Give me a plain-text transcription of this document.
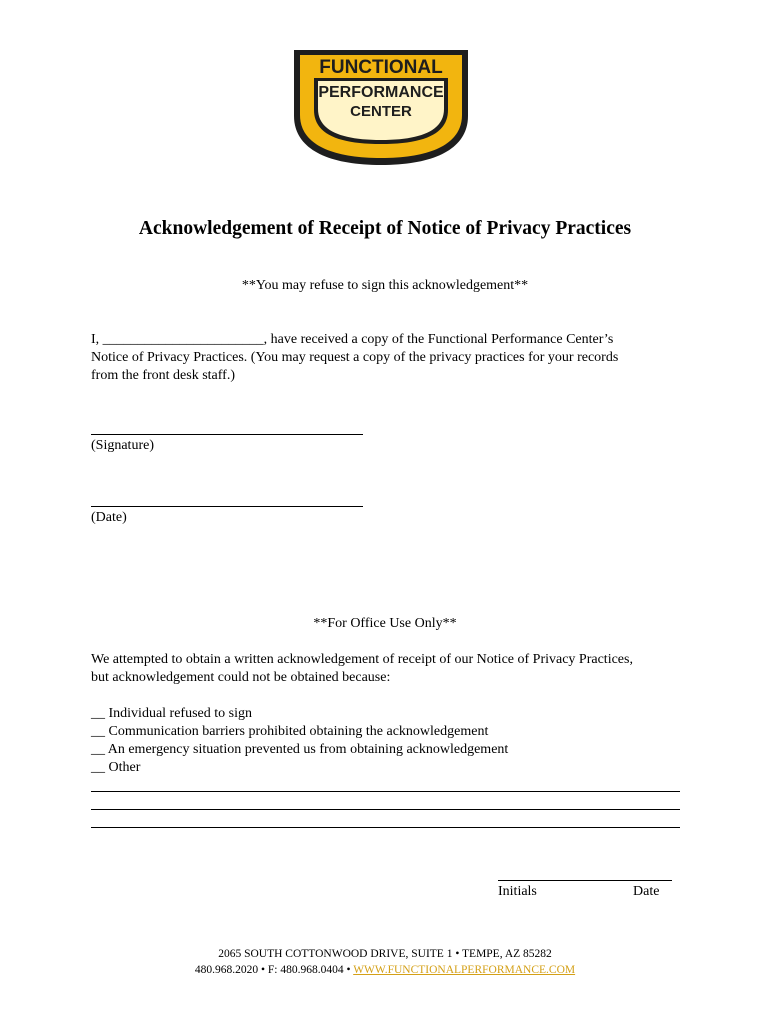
FUNCTIONAL
PERFORMANCE
CENTER
Acknowledgement of Receipt of Notice of Privacy Practices
**You may refuse to sign this acknowledgement**
I, _______________________, have received a copy of the Functional Performance Center’s
Notice of Privacy Practices. (You may request a copy of the privacy practices for your records
from the front desk staff.)
(Signature)
(Date)
**For Office Use Only**
We attempted to obtain a written acknowledgement of receipt of our Notice of Privacy Practices,
but acknowledgement could not be obtained because:
__ Individual refused to sign
__ Communication barriers prohibited obtaining the acknowledgement
__ An emergency situation prevented us from obtaining acknowledgement
__ Other
Initials	Date
2065 SOUTH COTTONWOOD DRIVE, SUITE 1 • TEMPE, AZ 85282
480.968.2020 • F: 480.968.0404 • WWW.FUNCTIONALPERFORMANCE.COM
